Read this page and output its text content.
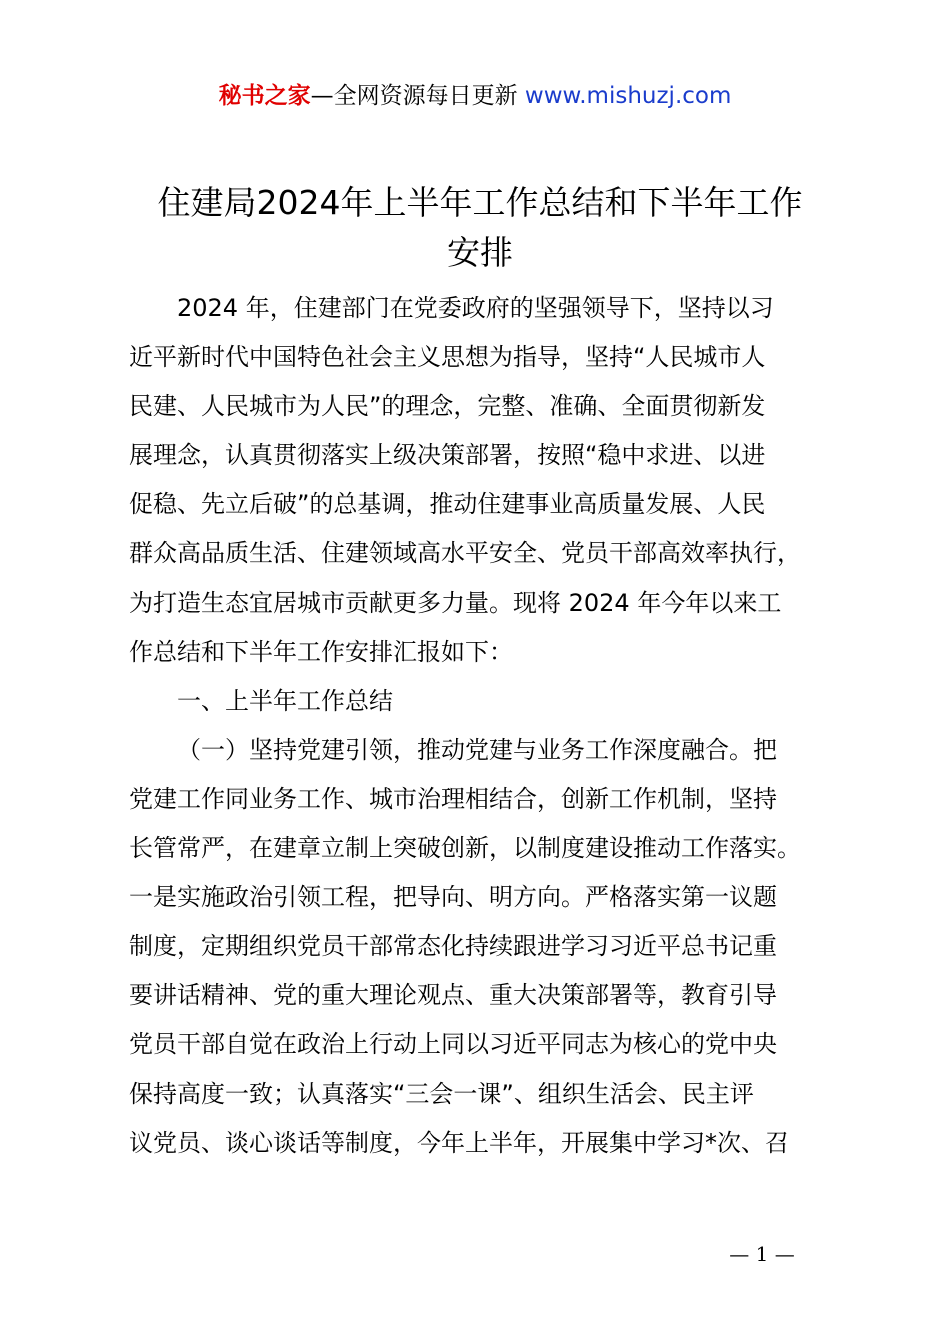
秘书之家—全网资源每日更新 www.mishuzj.com
住建局2024年上半年工作总结和下半年工作
安排
2024 年，住建部门在党委政府的坚强领导下，坚持以习
近平新时代中国特色社会主义思想为指导，坚持“人民城市人
民建、人民城市为人民”的理念，完整、准确、全面贯彻新发
展理念，认真贯彻落实上级决策部署，按照“稳中求进、以进
促稳、先立后破”的总基调，推动住建事业高质量发展、人民
群众高品质生活、住建领域高水平安全、党员干部高效率执行，
为打造生态宜居城市贡献更多力量。现将 2024 年今年以来工
作总结和下半年工作安排汇报如下：
一、上半年工作总结
（一）坚持党建引领，推动党建与业务工作深度融合。把
党建工作同业务工作、城市治理相结合，创新工作机制，坚持
长管常严，在建章立制上突破创新，以制度建设推动工作落实。
一是实施政治引领工程，把导向、明方向。严格落实第一议题
制度，定期组织党员干部常态化持续跟进学习习近平总书记重
要讲话精神、党的重大理论观点、重大决策部署等，教育引导
党员干部自觉在政治上行动上同以习近平同志为核心的党中央
保持高度一致；认真落实“三会一课”、组织生活会、民主评
议党员、谈心谈话等制度，今年上半年，开展集中学习*次、召
— 1 —
